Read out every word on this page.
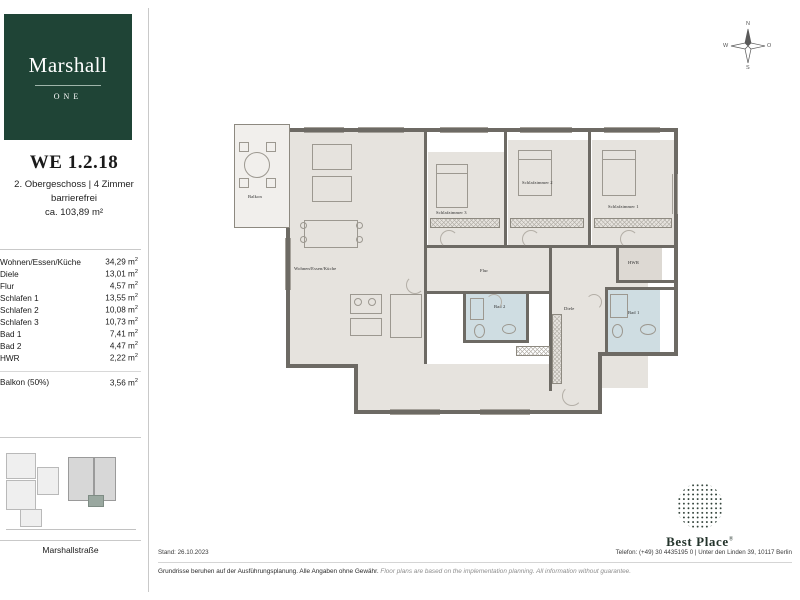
Marshall
ONE
WE 1.2.18
2. Obergeschoss | 4 Zimmer
barrierefrei
ca. 103,89 m²
Wohnen/Essen/Küche	34,29 $m^2$
Diele	13,01 $m^2$
Flur	4,57 $m^2$
Schlafen 1	13,55 $m^2$
Schlafen 2	10,08 $m^2$
Schlafen 3	10,73 $m^2$
Bad 1	7,41 $m^2$
Bad 2	4,47 $m^2$
HWR	2,22 $m^2$
Balkon (50%)	3,56 $m^2$
Marshallstraße
N
O
S
W
Balkon
Wohnen/Essen/Küche
Schlafzimmer 3
Schlafzimmer 2
Schlafzimmer 1
Flur
Diele
HWR
Bad 2
Bad 1
Best Place®
Stand: 26.10.2023	Telefon: (+49) 30 4435195 0 | Unter den Linden 39, 10117 Berlin
Grundrisse beruhen auf der Ausführungsplanung. Alle Angaben ohne Gewähr. Floor plans are based on the implementation planning. All information without guarantee.
